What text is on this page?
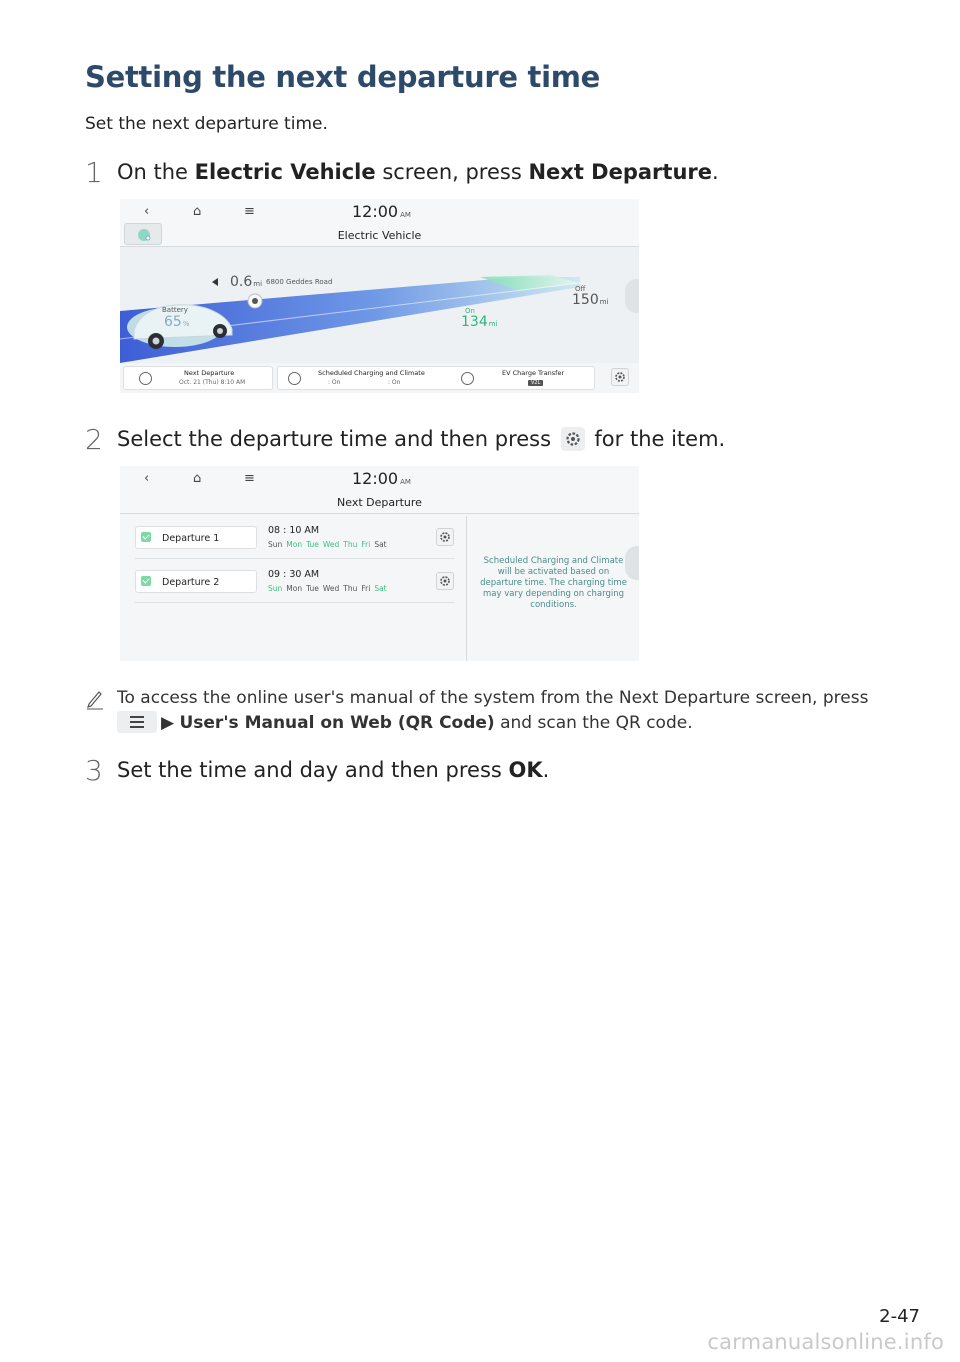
Setting the next departure time
Set the next departure time.
1 On the Electric Vehicle screen, press Next Departure.
‹	⌂	≡	12:00 AM
Electric Vehicle
0.6mi 6800 Geddes Road
Battery
65%
Off
150mi
On
134mi
Next Departure
Oct. 21 (Thu) 8:10 AM
Scheduled Charging and Climate
: On	: On
EV Charge Transfer
V2L
2 Select the departure time and then press
for the item.
‹	⌂	≡	12:00 AM
Next Departure
Departure 1
08 : 10 AM
Sun Mon Tue Wed Thu Fri Sat
Departure 2
09 : 30 AM
Sun Mon Tue Wed Thu Fri Sat
Scheduled Charging and Climate will be activated based on departure time. The charging time may vary depending on charging conditions.
To access the online user's manual of the system from the Next Departure screen, press

▶ User's Manual on Web (QR Code) and scan the QR code.
3 Set the time and day and then press OK.
2-47
carmanualsonline.info
